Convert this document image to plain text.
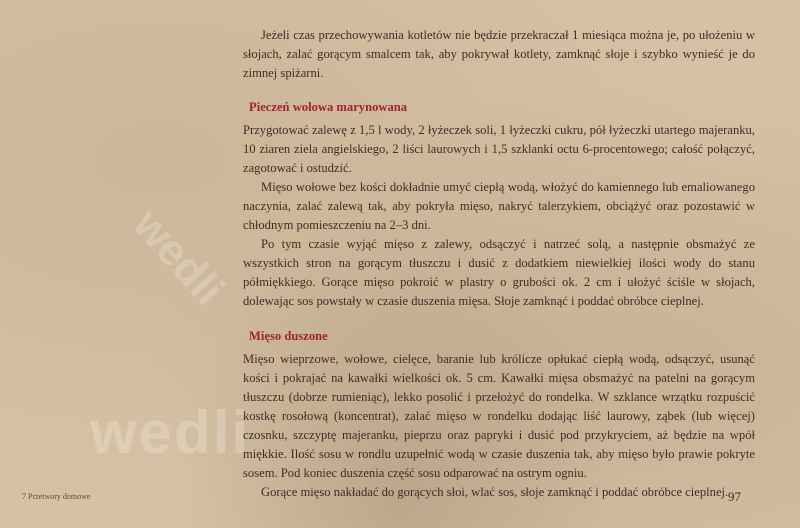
wedli
wedli

Jeżeli czas przechowywania kotletów nie będzie przekraczał 1 miesiąca można je, po ułożeniu w słojach, zalać gorącym smalcem tak, aby pokrywał kotlety, zamknąć słoje i szybko wynieść je do zimnej spiżarni.

Pieczeń wołowa marynowana

Przygotować zalewę z 1,5 l wody, 2 łyżeczek soli, 1 łyżeczki cukru, pół łyżeczki utartego majeranku, 10 ziaren ziela angielskiego, 2 liści laurowych i 1,5 szklanki octu 6-procentowego; całość połączyć, zagotować i ostudzić.

Mięso wołowe bez kości dokładnie umyć ciepłą wodą, włożyć do kamiennego lub emaliowanego naczynia, zalać zalewą tak, aby pokryła mięso, nakryć talerzykiem, obciążyć oraz pozostawić w chłodnym pomieszczeniu na 2–3 dni.

Po tym czasie wyjąć mięso z zalewy, odsączyć i natrzeć solą, a następnie obsmażyć ze wszystkich stron na gorącym tłuszczu i dusić z dodatkiem niewielkiej ilości wody do stanu półmiękkiego. Gorące mięso pokroić w plastry o grubości ok. 2 cm i ułożyć ściśle w słojach, dolewając sos powstały w czasie duszenia mięsa. Słoje zamknąć i poddać obróbce cieplnej.

Mięso duszone

Mięso wieprzowe, wołowe, cielęce, baranie lub królicze opłukać ciepłą wodą, odsączyć, usunąć kości i pokrajać na kawałki wielkości ok. 5 cm. Kawałki mięsa obsmażyć na patelni na gorącym tłuszczu (dobrze rumieniąc), lekko posolić i przełożyć do rondelka. W szklance wrzątku rozpuścić kostkę rosołową (koncentrat), zalać mięso w rondelku dodając liść laurowy, ząbek (lub więcej) czosnku, szczyptę majeranku, pieprzu oraz papryki i dusić pod przykryciem, aż będzie na wpół miękkie. Ilość sosu w rondlu uzupełnić wodą w czasie duszenia tak, aby mięso było prawie pokryte sosem. Pod koniec duszenia część sosu odparować na ostrym ogniu.

Gorące mięso nakładać do gorących słoi, wlać sos, słoje zamknąć i poddać obróbce cieplnej.

7 Przetwory domowe	97
